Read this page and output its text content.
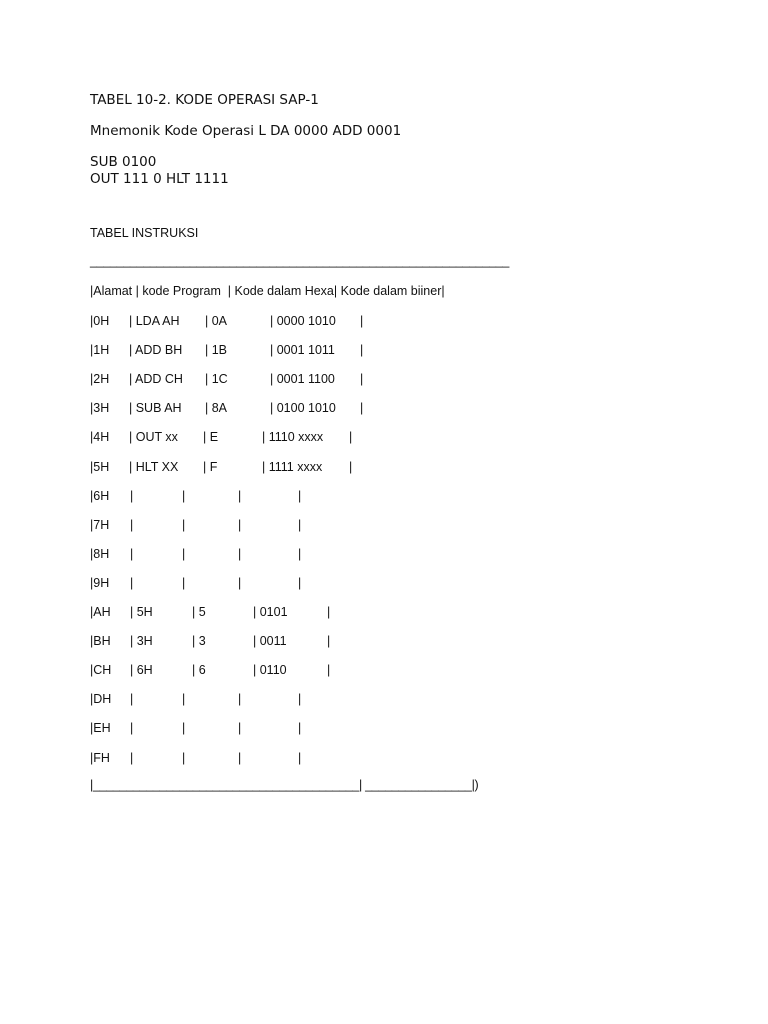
TABEL 10-2. KODE OPERASI SAP-1
Mnemonik Kode Operasi L DA 0000 ADD 0001
SUB 0100
OUT 111 0 HLT 1111
TABEL INSTRUKSI
_______________________________________________________________
|Alamat | kode Program  | Kode dalam Hexa| Kode dalam biiner|
|0H | LDA AH | 0A	| 0000 1010 |
|1H | ADD BH | 1B	| 0001 1011 |
|2H | ADD CH | 1C	| 0001 1100 |
|3H | SUB AH | 8A	| 0100 1010 |
|4H | OUT xx | E	| 1110 xxxx |
|5H | HLT XX | F	| 1111 xxxx |
|6H |	|	|	|
|7H |	|	|	|
|8H |	|	|	|
|9H |	|	|	|
|AH | 5H	| 5	| 0101	|
|BH | 3H	| 3	| 0011	|
|CH | 6H	| 6	| 0110	|
|DH |	|	|	|
|EH |	|	|	|
|FH |	|	|	|
|________________________________________| ________________|)
